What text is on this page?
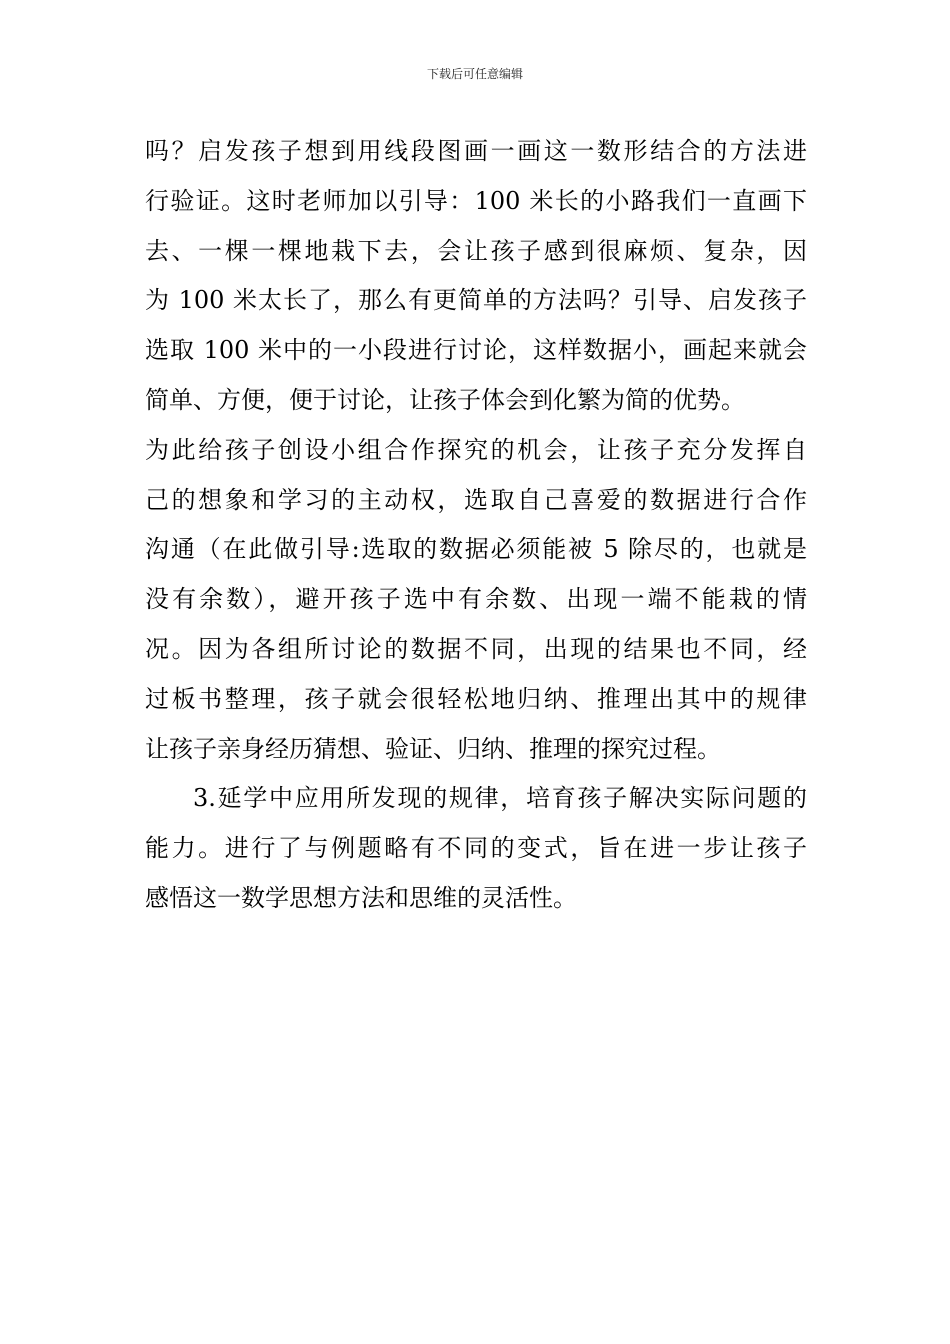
下载后可任意编辑
吗？启发孩子想到用线段图画一画这一数形结合的方法进
行验证。这时老师加以引导：100 米长的小路我们一直画下
去、一棵一棵地栽下去，会让孩子感到很麻烦、复杂，因
为 100 米太长了，那么有更简单的方法吗？引导、启发孩子
选取 100 米中的一小段进行讨论，这样数据小，画起来就会
简单、方便，便于讨论，让孩子体会到化繁为简的优势。
为此给孩子创设小组合作探究的机会，让孩子充分发挥自
己的想象和学习的主动权，选取自己喜爱的数据进行合作
沟通（在此做引导:选取的数据必须能被 5 除尽的，也就是
没有余数），避开孩子选中有余数、出现一端不能栽的情
况。因为各组所讨论的数据不同，出现的结果也不同，经
过板书整理，孩子就会很轻松地归纳、推理出其中的规律
让孩子亲身经历猜想、验证、归纳、推理的探究过程。
3.延学中应用所发现的规律，培育孩子解决实际问题的
能力。进行了与例题略有不同的变式，旨在进一步让孩子
感悟这一数学思想方法和思维的灵活性。
